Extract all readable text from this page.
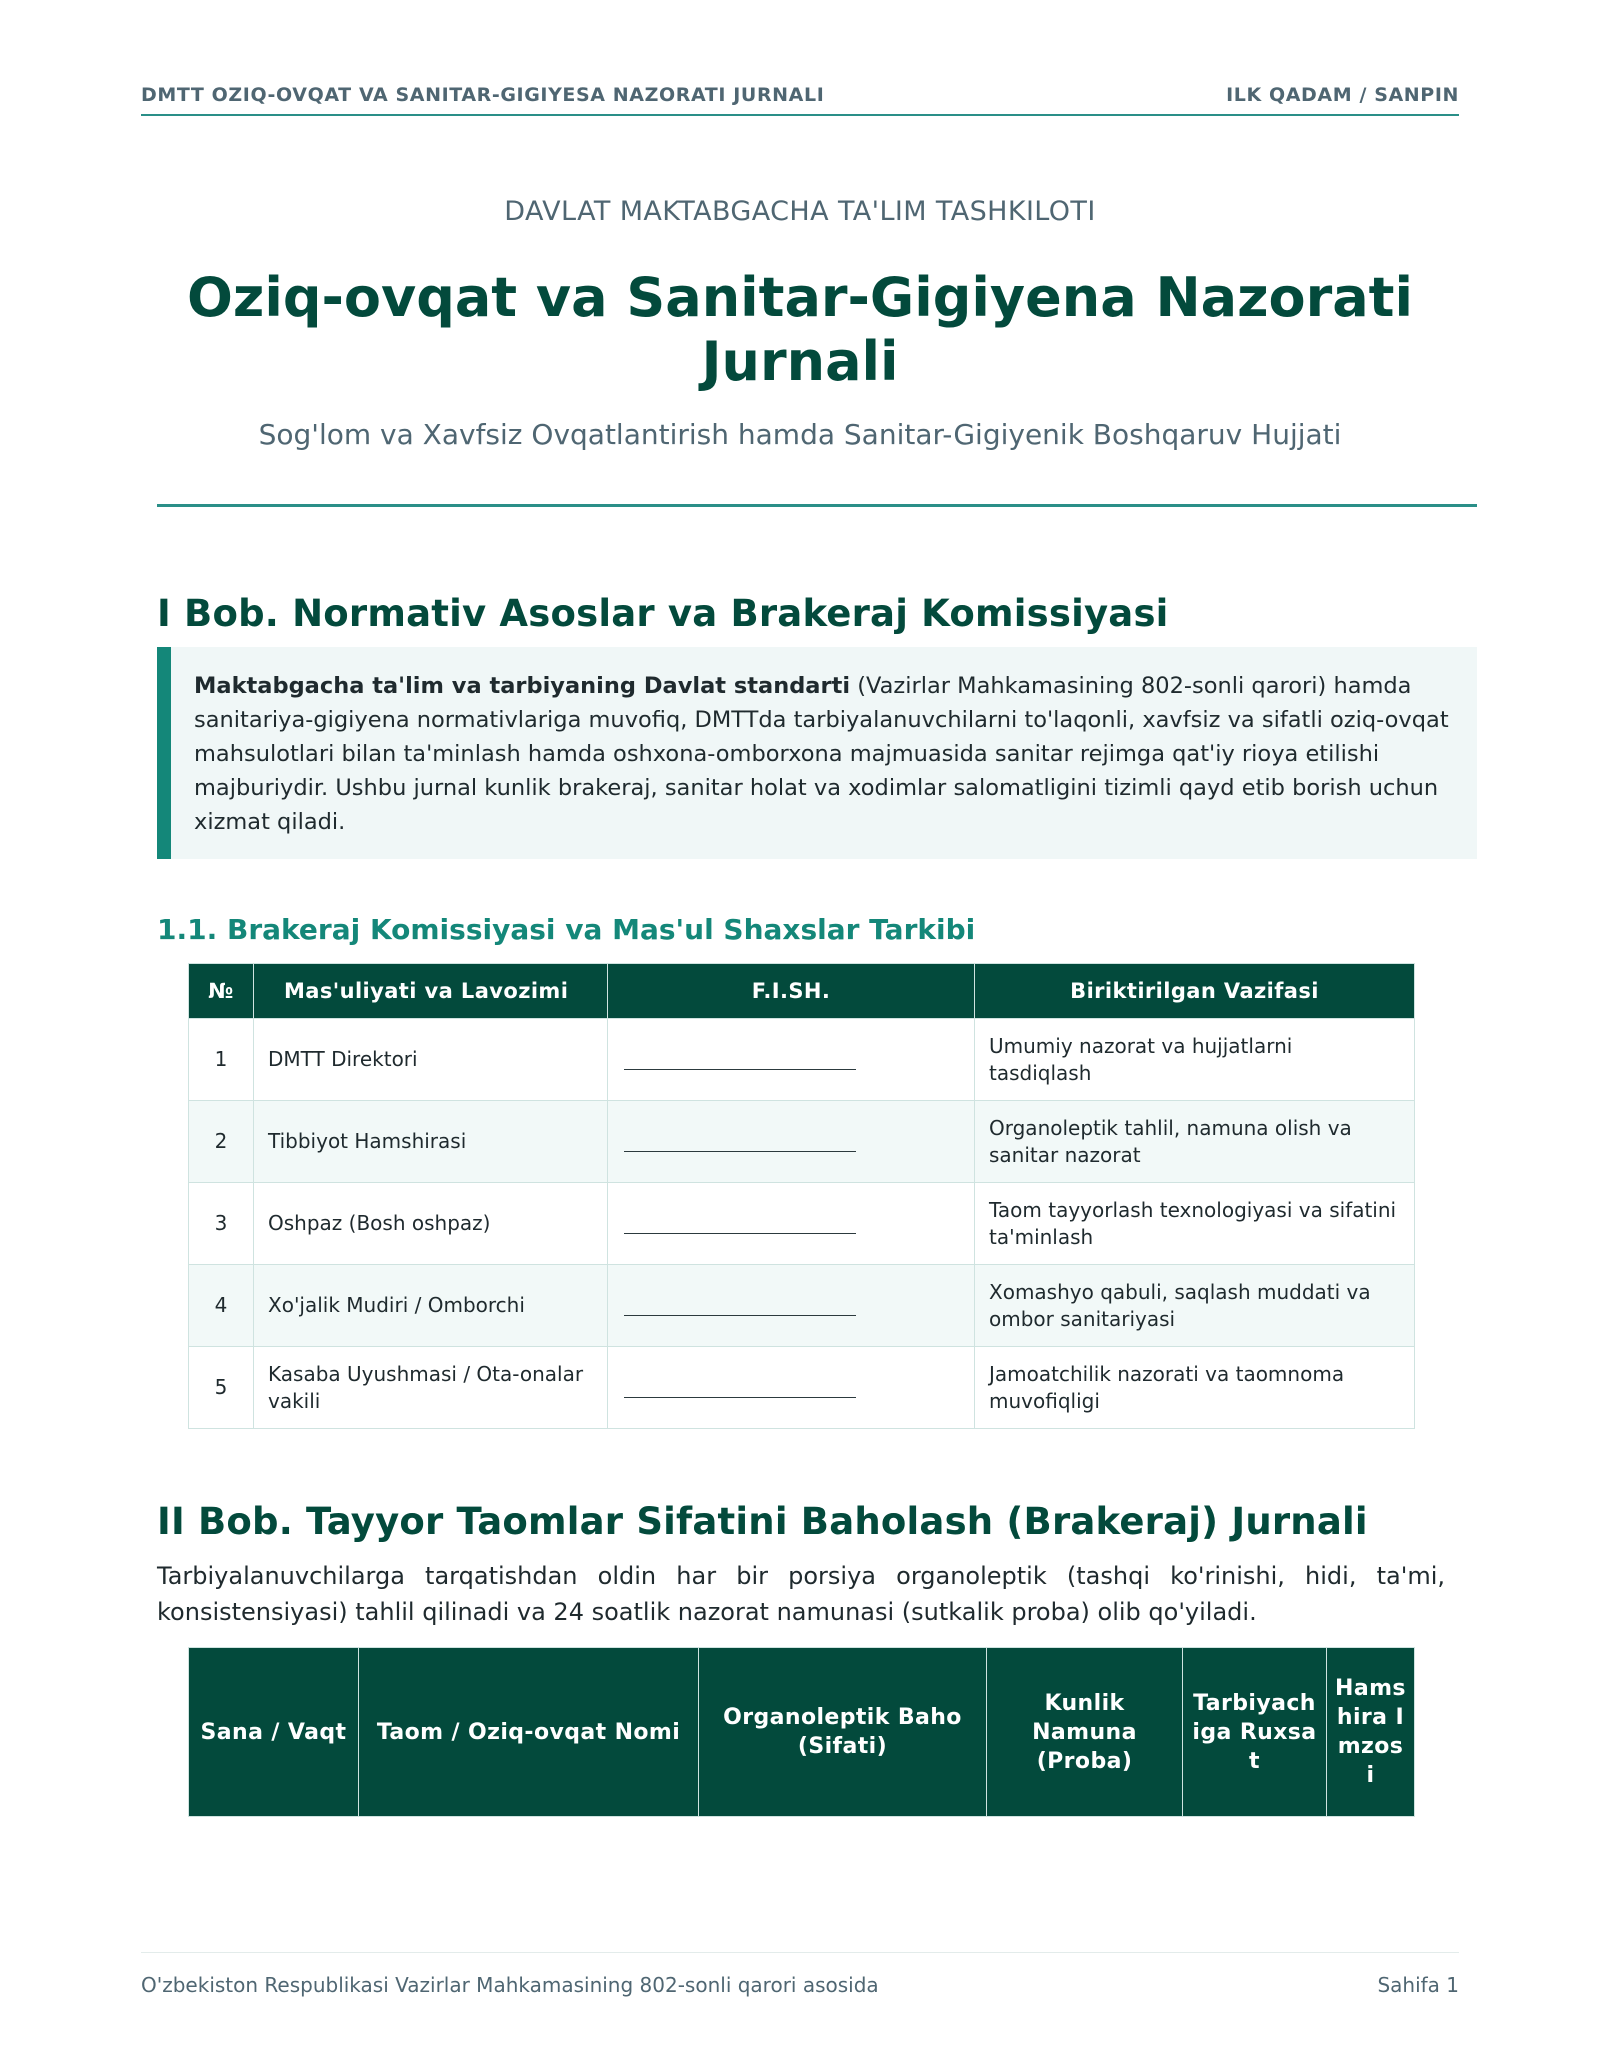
DMTT OZIQ-OVQAT VA SANITAR-GIGIYESA NAZORATI JURNALI	ILK QADAM / SANPIN
DAVLAT MAKTABGACHA TA'LIM TASHKILOTI
Oziq-ovqat va Sanitar-Gigiyena Nazorati Jurnali
Sog'lom va Xavfsiz Ovqatlantirish hamda Sanitar-Gigiyenik Boshqaruv Hujjati
I Bob. Normativ Asoslar va Brakeraj Komissiyasi
Maktabgacha ta'lim va tarbiyaning Davlat standarti (Vazirlar Mahkamasining 802-sonli qarori) hamda sanitariya-gigiyena normativlariga muvofiq, DMTTda tarbiyalanuvchilarni to'laqonli, xavfsiz va sifatli oziq-ovqat mahsulotlari bilan ta'minlash hamda oshxona-omborxona majmuasida sanitar rejimga qat'iy rioya etilishi majburiydir. Ushbu jurnal kunlik brakeraj, sanitar holat va xodimlar salomatligini tizimli qayd etib borish uchun xizmat qiladi.
1.1. Brakeraj Komissiyasi va Mas'ul Shaxslar Tarkibi
№	Mas'uliyati va Lavozimi	F.I.SH.	Biriktirilgan Vazifasi
1	DMTT Direktori		Umumiy nazorat va hujjatlarni tasdiqlash
2	Tibbiyot Hamshirasi		Organoleptik tahlil, namuna olish va sanitar nazorat
3	Oshpaz (Bosh oshpaz)		Taom tayyorlash texnologiyasi va sifatini ta'minlash
4	Xo'jalik Mudiri / Omborchi		Xomashyo qabuli, saqlash muddati va ombor sanitariyasi
5	Kasaba Uyushmasi / Ota-onalar vakili		Jamoatchilik nazorati va taomnoma muvofiqligi
II Bob. Tayyor Taomlar Sifatini Baholash (Brakeraj) Jurnali

Tarbiyalanuvchilarga tarqatishdan oldin har bir porsiya organoleptik (tashqi ko'rinishi, hidi, ta'mi, konsistensiyasi) tahlil qilinadi va 24 soatlik nazorat namunasi (sutkalik proba) olib qo'yiladi.

Sana / Vaqt	Taom / Oziq-ovqat Nomi	Organoleptik Baho (Sifati)	Kunlik Namuna (Proba)	Tarbiyachiga Ruxsat	Hamshira Imzosi
O'zbekiston Respublikasi Vazirlar Mahkamasining 802-sonli qarori asosida	Sahifa 1
